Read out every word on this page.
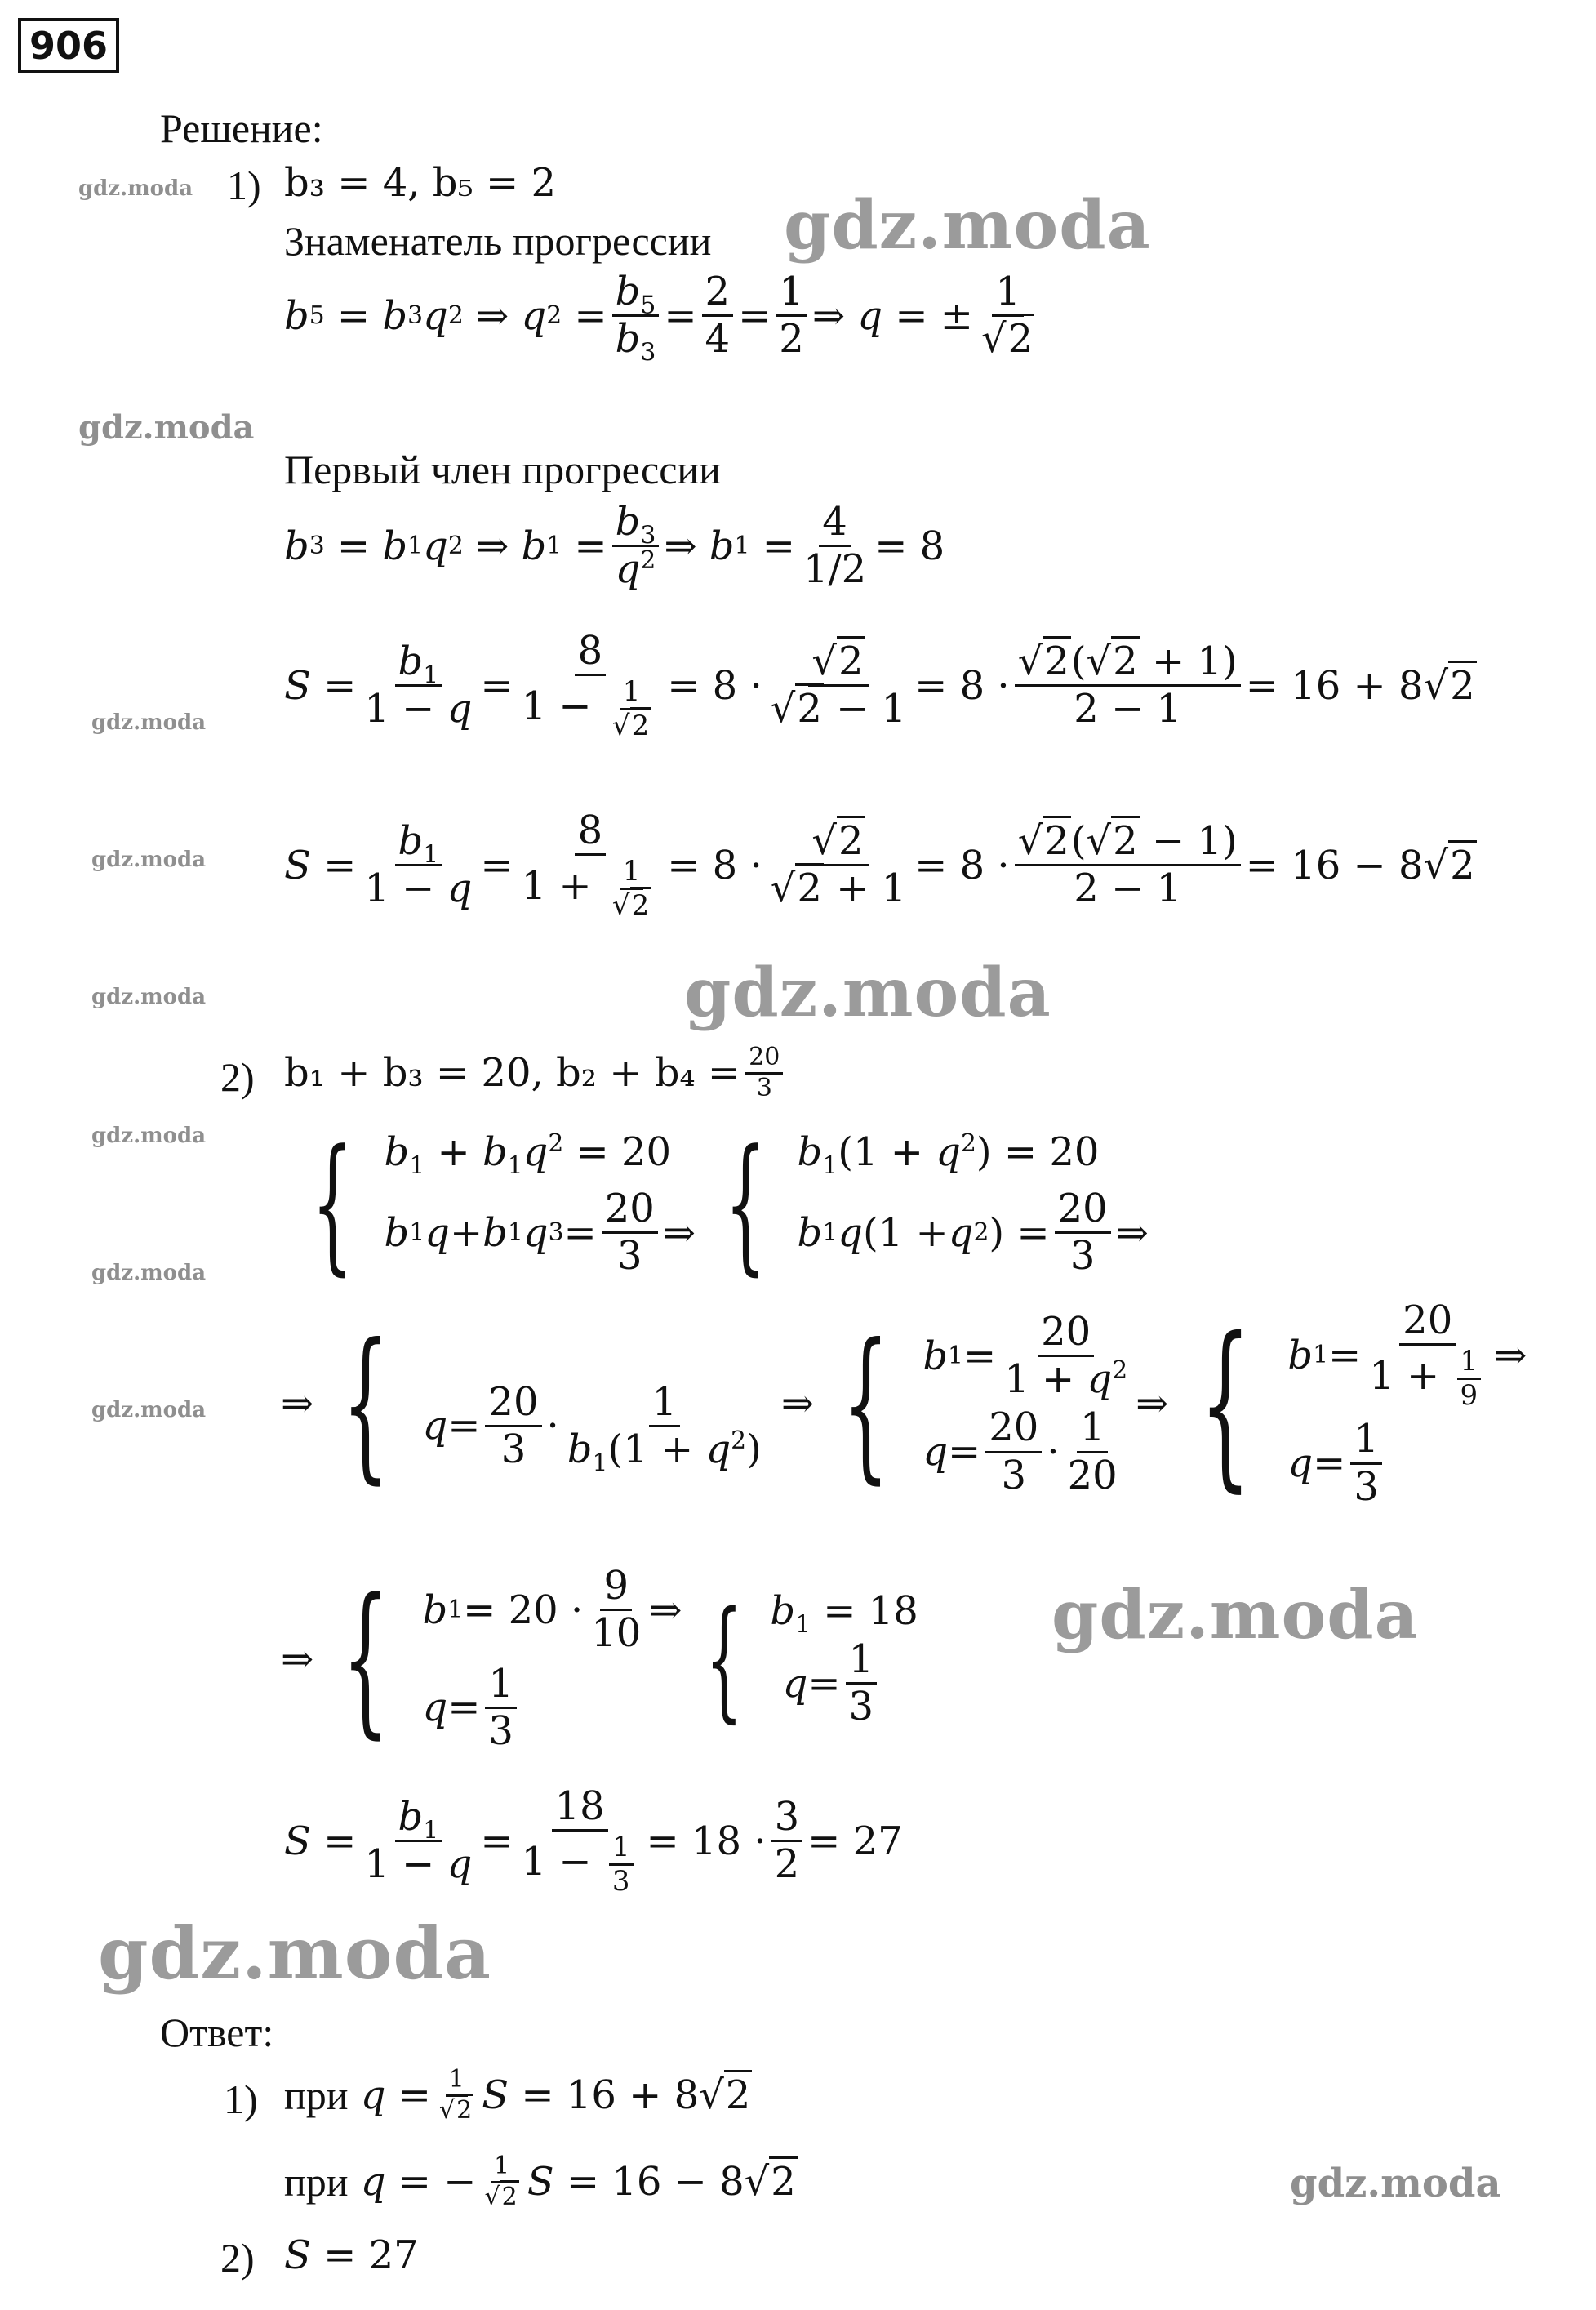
906
Решение:
1) b₃ = 4, b₅ = 2
Знаменатель прогрессии
b 5 = b 3 q 2 ⇒ q $2 = \frac{b_5}{b_3} = \frac{2}{4} = \frac{1}{2}$ ⇒ q = ± $\frac{1}{√2}$
Первый член прогрессии
b 3 = b 1 q 2 ⇒ b $1 = \frac{b_3}{q^2}$ ⇒ b $1 = \frac{4}{1/2} = 8$
$S = \frac{b_1}{1 - q} = \frac{8}{1 - \frac{1}{√2}} = 8 \cdot \frac{√2}{√2 - 1} = 8 \cdot \frac{√2(√2 + 1)}{2 - 1} = 16 + 8√$ 2
$S = \frac{b_1}{1 - q} = \frac{8}{1 + \frac{1}{√2}} = 8 \cdot \frac{√2}{√2 + 1} = 8 \cdot \frac{√2(√2 - 1)}{2 - 1} = 16 - 8√$ 2
2) b₁ + b₃ = 20, $b_2 + b_4 = \frac{20}{3}$
{ $b_1 + b_1q^2 = 20$
b 1 q + b 1 q $3 = \frac{20}{3}$ ⇒ { $b_1(1 + q^2) = 20$
b 1 q (1 + q 2 ) = $\frac{20}{3}$ ⇒
⇒ { $q = \frac{20}{3} \cdot \frac{1}{b_1(1 + q^2)}$ ⇒ { b $1 = \frac{20}{1 + q^2}$
$q = \frac{20}{3} \cdot \frac{1}{20}$
⇒ { b $1 = \frac{20}{1 + \frac{1}{9}}$ ⇒
$q = \frac{1}{3}$
⇒ { b $1 = 20 \cdot \frac{9}{10}$ ⇒
$q = \frac{1}{3}$ { $b_1 = 18$

$q = \frac{1}{3}$
$S = \frac{b_1}{1 - q} = \frac{18}{1 - \frac{1}{3}} = 18 \cdot \frac{3}{2} = 27$
Ответ:
1) при
$q = \frac{1}{√2}$ S = 16 + 8√ 2
при
q = − $\frac{1}{√2}$ S = 16 − 8√ 2
2) S = 27
gdz.moda	gdz.moda
gdz.moda
gdz.moda
gdz.moda
gdz.moda
gdz.moda
gdz.moda
gdz.moda
gdz.moda
gdz.moda
gdz.moda
gdz.moda
